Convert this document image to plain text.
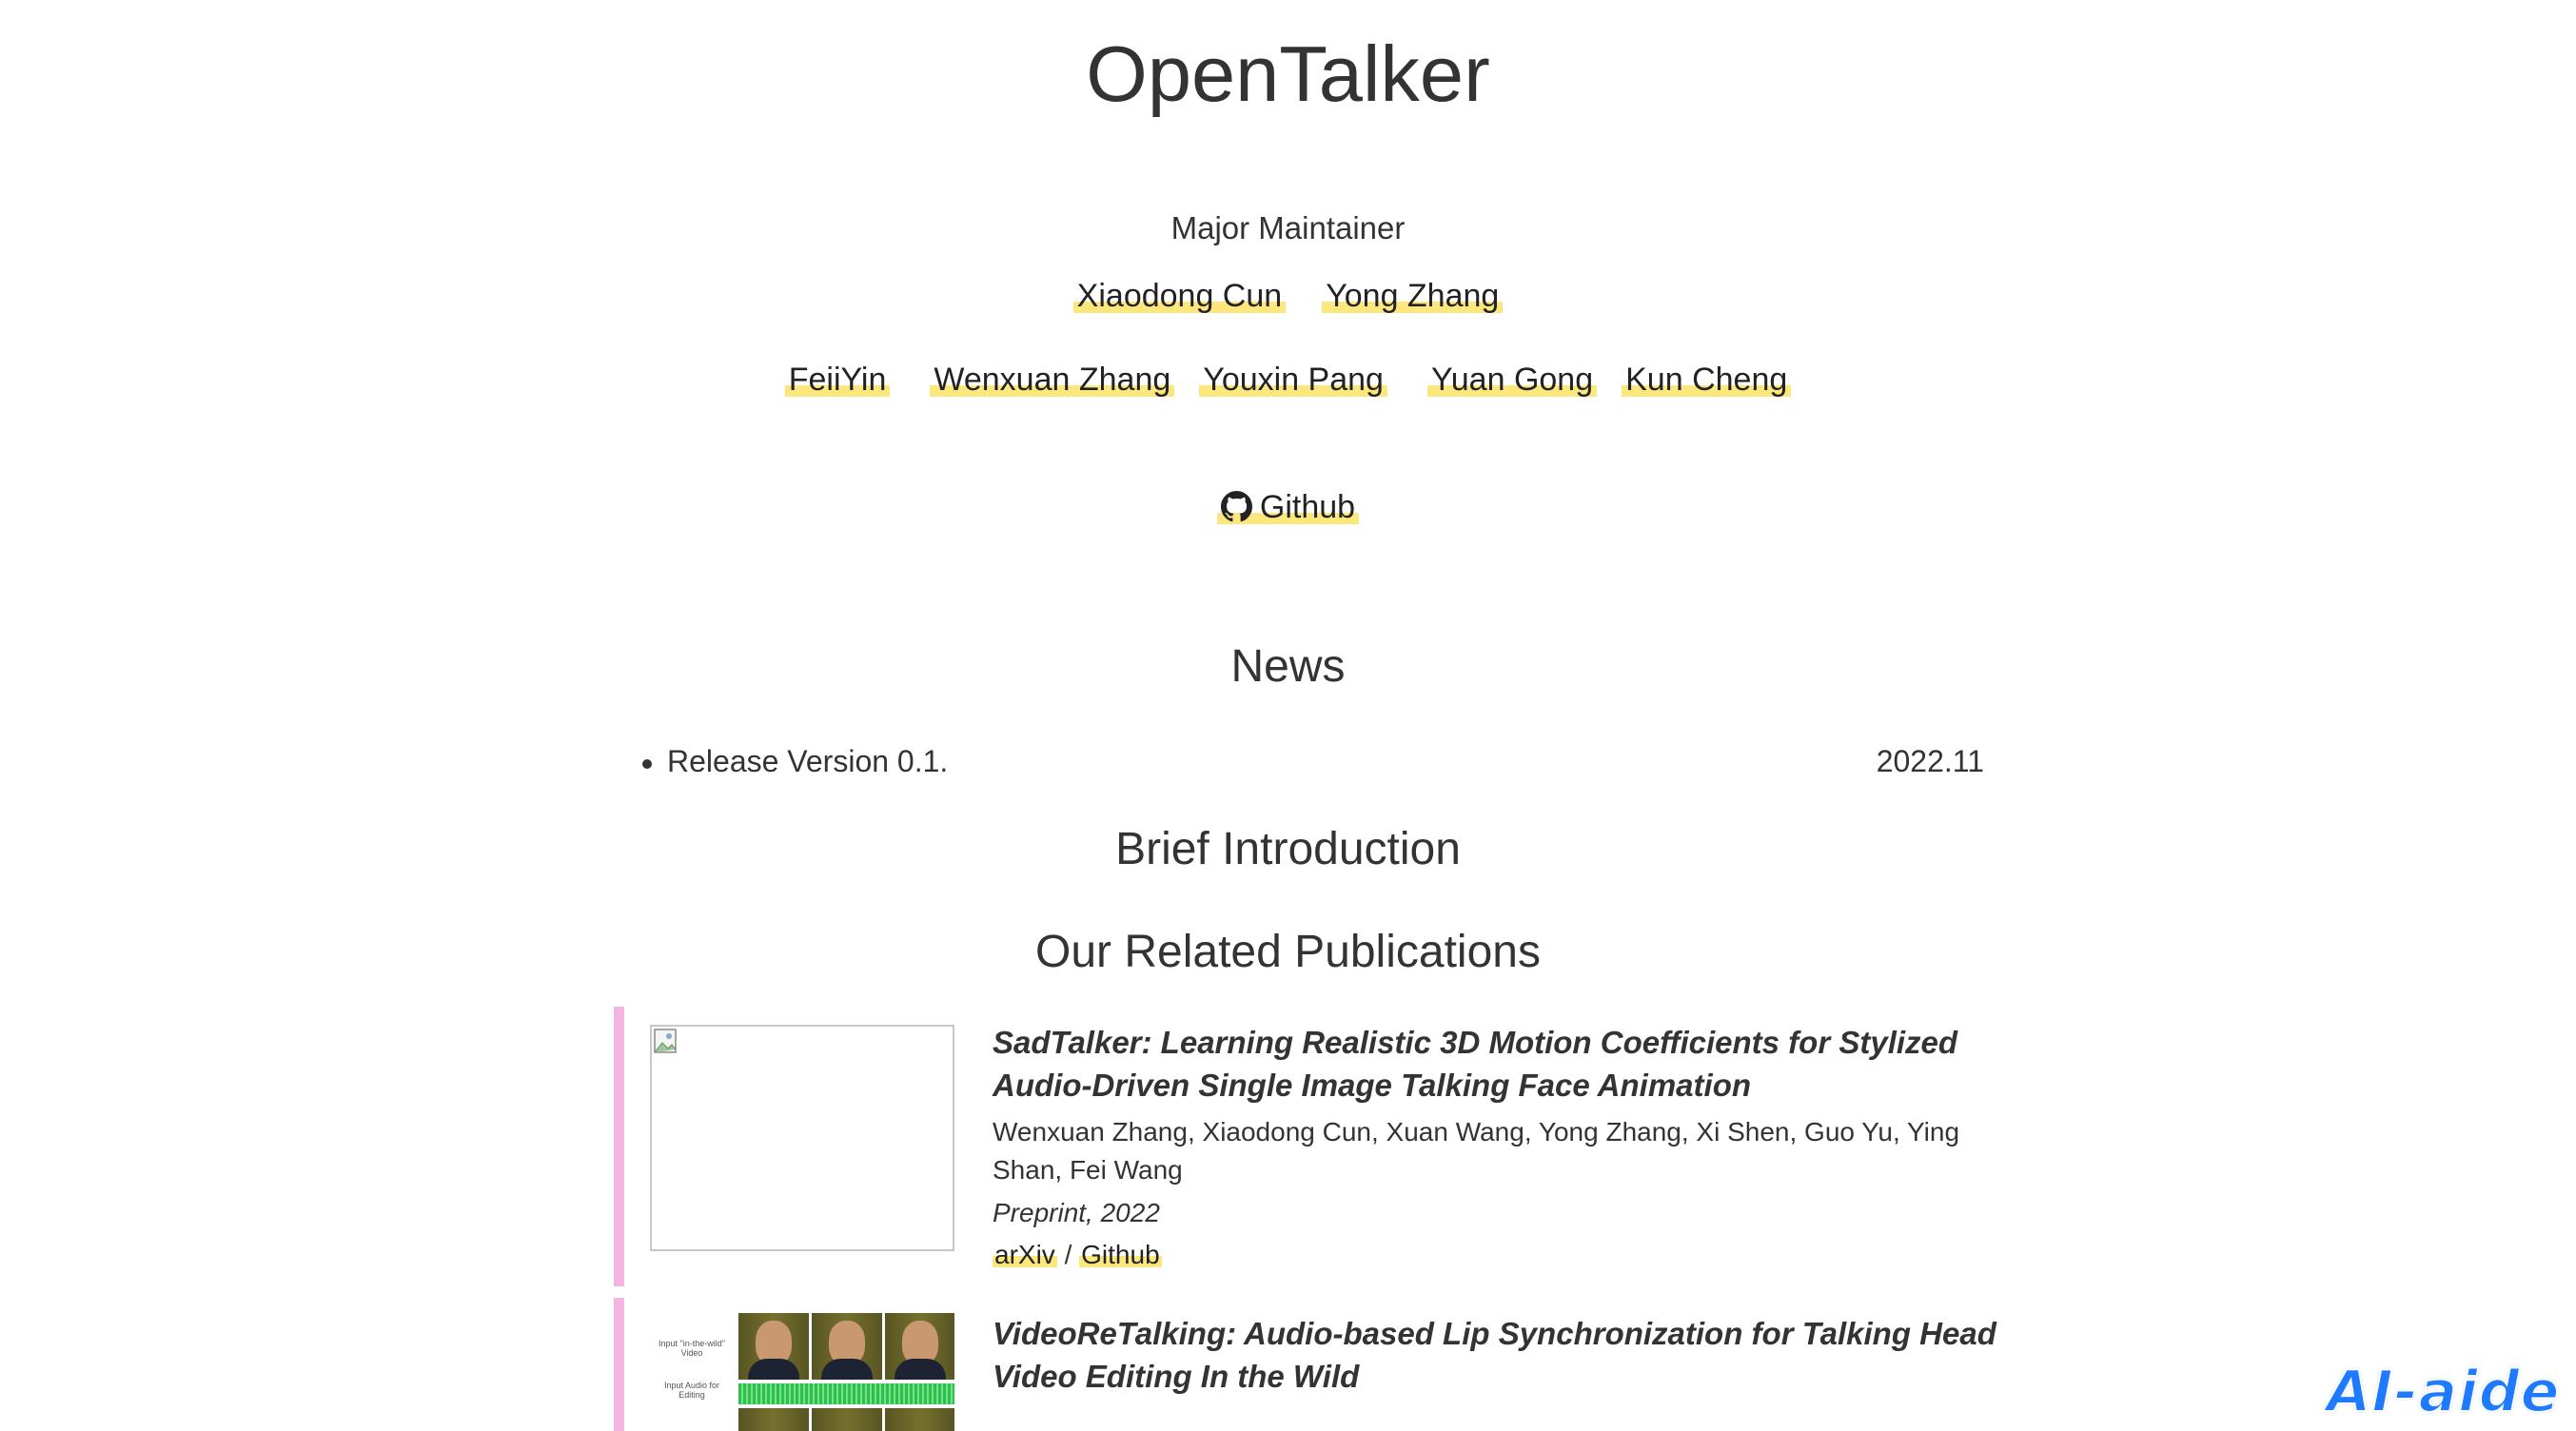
OpenTalker
Major Maintainer
Xiaodong Cun Yong Zhang
FeiiYin Wenxuan Zhang Youxin Pang Yuan Gong Kun Cheng
Github
News
Release Version 0.1.	2022.11
Brief Introduction
Our Related Publications
SadTalker: Learning Realistic 3D Motion Coefficients for Stylized Audio-Driven Single Image Talking Face Animation
Wenxuan Zhang, Xiaodong Cun, Xuan Wang, Yong Zhang, Xi Shen, Guo Yu, Ying Shan, Fei Wang
Preprint, 2022
arXiv / Github
Input "in-the-wild" Video
Input Audio for Editing
VideoReTalking: Audio-based Lip Synchronization for Talking Head Video Editing In the Wild	AI-aide
